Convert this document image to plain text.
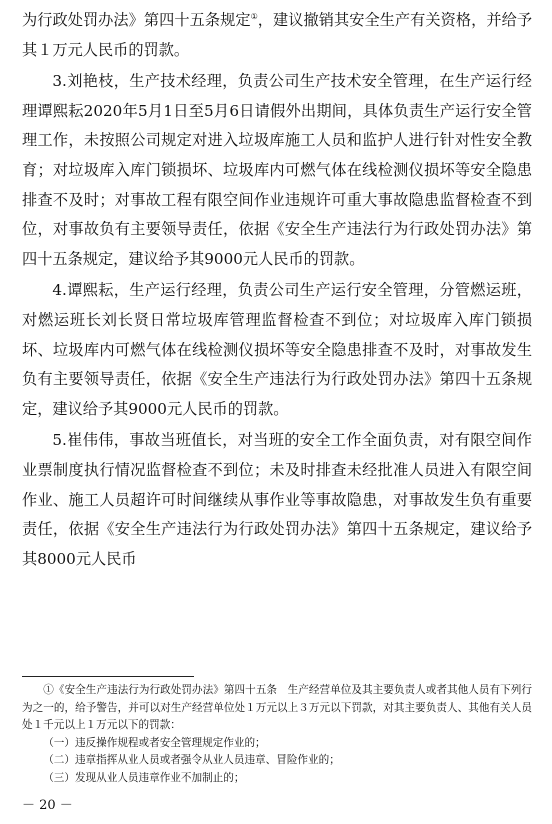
为行政处罚办法》第四十五条规定①，建议撤销其安全生产有关资格，并给予其１万元人民币的罚款。

3.刘艳枝，生产技术经理，负责公司生产技术安全管理，在生产运行经理谭熙耘2020年5月1日至5月6日请假外出期间，具体负责生产运行安全管理工作，未按照公司规定对进入垃圾库施工人员和监护人进行针对性安全教育；对垃圾库入库门锁损坏、垃圾库内可燃气体在线检测仪损坏等安全隐患排查不及时；对事故工程有限空间作业违规许可重大事故隐患监督检查不到位，对事故负有主要领导责任，依据《安全生产违法行为行政处罚办法》第四十五条规定，建议给予其9000元人民币的罚款。

4.谭熙耘，生产运行经理，负责公司生产运行安全管理，分管燃运班，对燃运班长刘长贤日常垃圾库管理监督检查不到位；对垃圾库入库门锁损坏、垃圾库内可燃气体在线检测仪损坏等安全隐患排查不及时，对事故发生负有主要领导责任，依据《安全生产违法行为行政处罚办法》第四十五条规定，建议给予其9000元人民币的罚款。

5.崔伟伟，事故当班值长，对当班的安全工作全面负责，对有限空间作业票制度执行情况监督检查不到位；未及时排查未经批准人员进入有限空间作业、施工人员超许可时间继续从事作业等事故隐患，对事故发生负有重要责任，依据《安全生产违法行为行政处罚办法》第四十五条规定，建议给予其8000元人民币

①《安全生产违法行为行政处罚办法》第四十五条　生产经营单位及其主要负责人或者其他人员有下列行为之一的，给予警告，并可以对生产经营单位处１万元以上３万元以下罚款，对其主要负责人、其他有关人员处１千元以上１万元以下的罚款：

（一）违反操作规程或者安全管理规定作业的；

（二）违章指挥从业人员或者强令从业人员违章、冒险作业的；

（三）发现从业人员违章作业不加制止的；

－ 20 －
